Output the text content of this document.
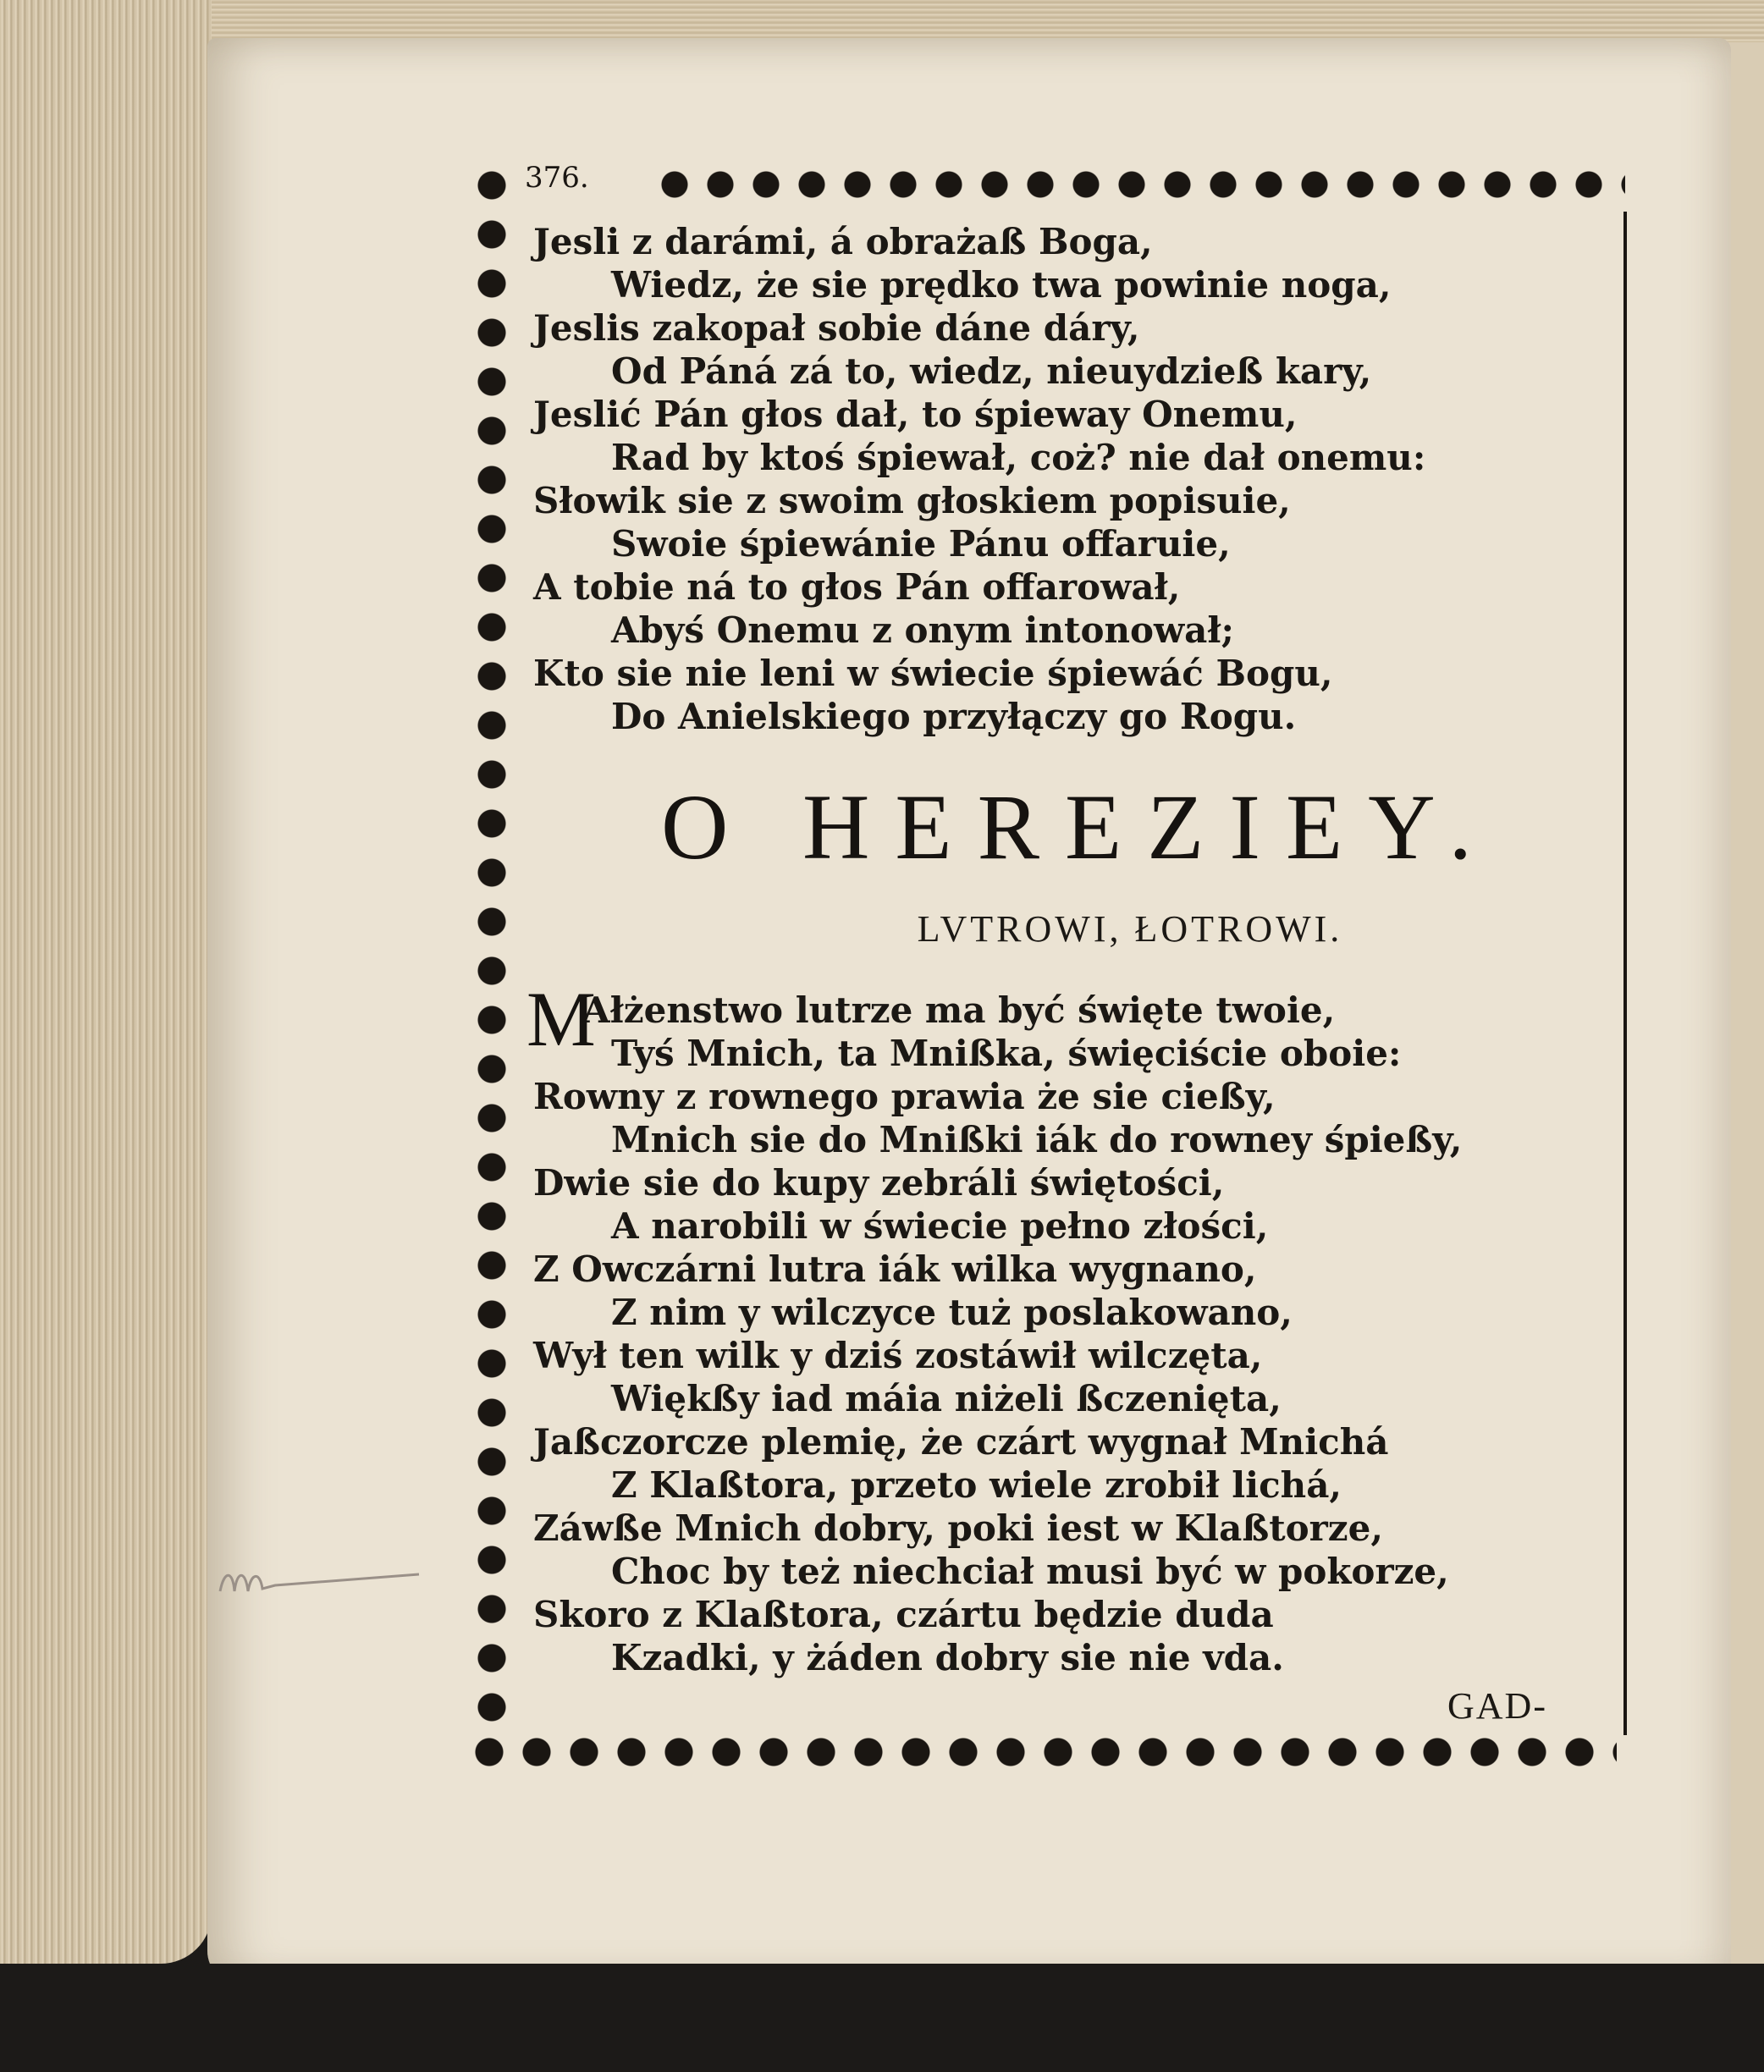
376.
Jesli z darámi, á obrażaß Boga,
Wiedz, że sie prędko twa powinie noga,
Jeslis zakopał sobie dáne dáry,
Od Páná zá to, wiedz, nieuydzieß kary,
Jeslić Pán głos dał, to śpieway Onemu,
Rad by ktoś śpiewał, coż? nie dał onemu:
Słowik sie z swoim głoskiem popisuie,
Swoie śpiewánie Pánu offaruie,
A tobie ná to głos Pán offarował,
Abyś Onemu z onym intonował;
Kto sie nie leni w świecie śpiewáć Bogu,
Do Anielskiego przyłączy go Rogu.
O HEREZIEY.
LVTROWI, ŁOTROWI.
M
Ałżenstwo lutrze ma być święte twoie,
Tyś Mnich, ta Mnißka, święciście oboie:
Rowny z rownego prawia że sie cießy,
Mnich sie do Mnißki iák do rowney śpießy,
Dwie sie do kupy zebráli świętości,
A narobili w świecie pełno złości,
Z Owczárni lutra iák wilka wygnano,
Z nim y wilczyce tuż poslakowano,
Wył ten wilk y dziś zostáwił wilczęta,
Więkßy iad máia niżeli ßczenięta,
Jaßczorcze plemię, że czárt wygnał Mnichá
Z Klaßtora, przeto wiele zrobił lichá,
Záwße Mnich dobry, poki iest w Klaßtorze,
Choc by też niechciał musi być w pokorze,
Skoro z Klaßtora, czártu będzie duda
Kzadki, y żáden dobry sie nie vda.
GAD-
